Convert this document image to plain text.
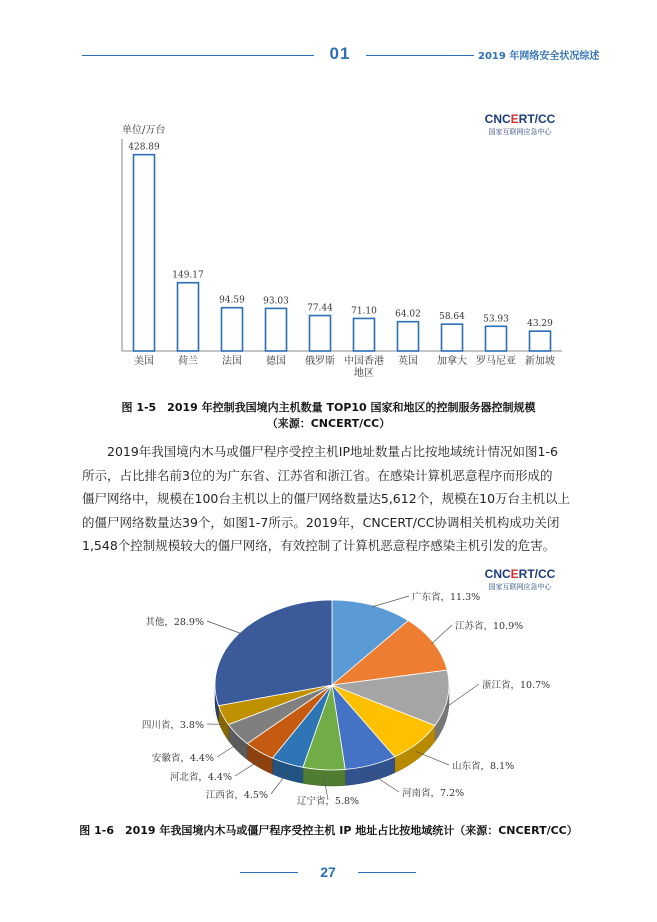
01	2019 年网络安全状况综述
CNCERT/CC
国家互联网应急中心
单位/万台
428.89
美国
149.17
荷兰
94.59
法国
93.03
德国
77.44
俄罗斯
71.10
中国香港
地区
64.02
英国
58.64
加拿大
53.93
罗马尼亚
43.29
新加坡
图 1-5　2019 年控制我国境内主机数量 TOP10 国家和地区的控制服务器控制规模
（来源：CNCERT/CC）
2019年我国境内木马或僵尸程序受控主机IP地址数量占比按地域统计情况如图1-6
所示，占比排名前3位的为广东省、江苏省和浙江省。在感染计算机恶意程序而形成的
僵尸网络中，规模在100台主机以上的僵尸网络数量达5,612个，规模在10万台主机以上
的僵尸网络数量达39个，如图1-7所示。2019年，CNCERT/CC协调相关机构成功关闭
1,548个控制规模较大的僵尸网络，有效控制了计算机恶意程序感染主机引发的危害。
CNCERT/CC
国家互联网应急中心
广东省，11.3%
江苏省，10.9%
浙江省，10.7%
山东省，8.1%
河南省，7.2%
辽宁省，5.8%
江西省，4.5%
河北省，4.4%
安徽省，4.4%
四川省，3.8%
其他，28.9%
图 1-6　2019 年我国境内木马或僵尸程序受控主机 IP 地址占比按地域统计（来源：CNCERT/CC）
27
